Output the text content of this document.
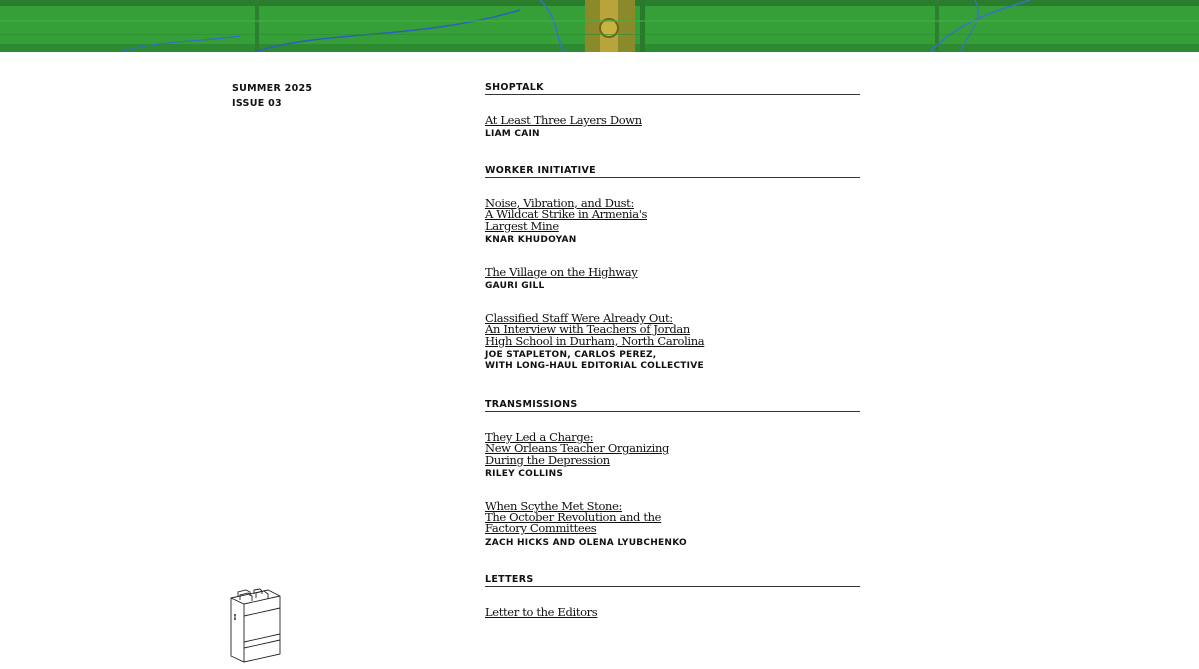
SUMMER 2025
ISSUE 03
SHOPTALK
At Least Three Layers Down
LIAM CAIN
WORKER INITIATIVE
Noise, Vibration, and Dust:
A Wildcat Strike in Armenia's
Largest Mine
KNAR KHUDOYAN
The Village on the Highway
GAURI GILL
Classified Staff Were Already Out:
An Interview with Teachers of Jordan
High School in Durham, North Carolina
JOE STAPLETON, CARLOS PEREZ,
WITH LONG-HAUL EDITORIAL COLLECTIVE
TRANSMISSIONS
They Led a Charge:
New Orleans Teacher Organizing
During the Depression
RILEY COLLINS
When Scythe Met Stone:
The October Revolution and the
Factory Committees
ZACH HICKS AND OLENA LYUBCHENKO
LETTERS
Letter to the Editors
